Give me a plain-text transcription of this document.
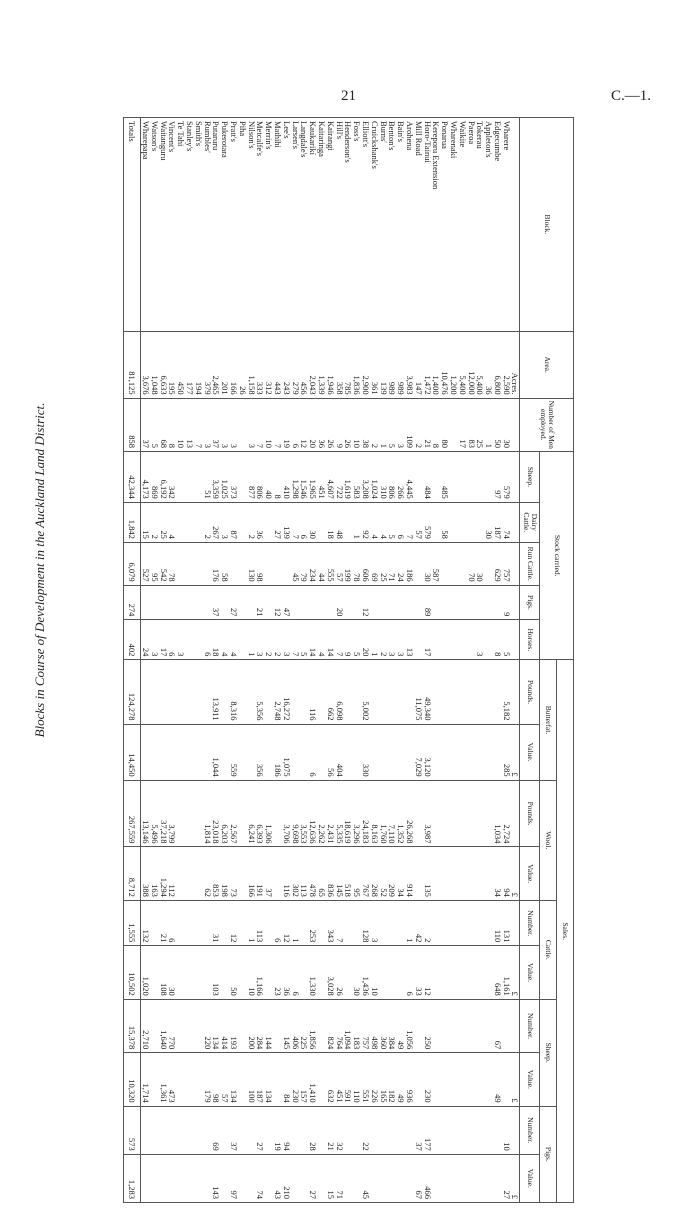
21	C.—1.
Blocks in Course of Development in the Auckland Land District.
Block.	Area.	Number of Men employed.	Stock carried.					Sales.									
								Butterfat.		Wool.		Cattle.		Sheep.		Pigs.	
			Sheep.	Dairy Cattle.	Run Cattle.	Pigs.	Horses.	Pounds.	Value.	Pounds.	Value.	Number.	Value.	Number.	Value.	Number.	Value.
	Acres.								£		£		£		£		£
Wharere	2,590	30	579	74	757	9	5	5,182	285	2,724	94	131	1,161			10	27
Edgecumbe	6,800	50	97	187	629		8			1,034	34	110	648	67	49		
Appleton's	36	1		30													
Tokerau	5,400	25			30		3										
Paeroa	12,000	83			70												
Waikite	5,400	17															
Wharenaki	1,200																
Ponarua	10,476	80	485	58													
Kereporu Extension	1,400	8			587												
Horo-Tainui	1,472	21	484	579	30	89	17	49,340	3,120	3,987	135	2	12	250	230	177	466
Mill Road	147	2		57				11,075	7,029			42	33			37	67
Arohena	3,983	109	4,445	7	186		13			26,268	914	1	6	1,056	936		
Bain's	989	3	266	6	24		3			1,352	34			49	49		
Benton's	989	5	806	5	71		3			7,110	209			384	182		
Burns'	139	1	310	4	25		2			1,760	52			360	165		
Cruickshank's	361	2	1,024	4	69		1			8,163	268	3	10	498	226		
Elliott's	2,900	38	3,208	92	606	12	20	5,002	330	24,183	767	128	1,436	757	551	22	45
Foss's	1,836	10	583	1	78		5			3,296	95		30	183	110		
Henderson's	785	26	1,619		199		9			18,619	518			1,094	591		
Hill's	358	9	722	48	57	20	7	6,098	404	5,335	145	7	26	764	451	32	71
Kairangi	1,946	26	4,607	18	555		14	662	56	2,431	836	343	3,028	824	632	21	15
Kaitaringa	1,339	36	451		44		4			2,262	65						
Kaukarikí	2,043	20	1,965	30	234		14	116	6	12,636	478	253	1,330	1,856	1,410	28	27
Langdale's	456	12	1,546	6	79		5			3,553	113			225	157		
Larsen's	279	6	1,298	7	45		7			9,698	302	1	6	406	230		
Lee's	243	19	410	139		47	3	16,272	1,075	3,706	116	12	36	145	84	94	210
Mathihi	443	7	8	27		12	2	2,748	186			6	23			19	43
Merrin's	312	10	40				2			1,306	37			144	134		
Metcalfe's	333	7	806	36	98	21	3	5,356	356	6,393	191	113	1,166	284	187	27	74
Nilson's	1,158	3	877	2	130		1			6,241	166	1	10	200	100		
Piha	26																
Pratt's	166	3	373	87		27	4	8,316	559	2,567	73	12	50	193	134	37	97
Pukerotara	201	3	1,025	3	58		4			6,203	198			414	57		
Putaruru	2,465	37	3,359	267	176	37	18	13,911	1,044	23,018	853	31	103	134	98	69	143
Rumbles'	379	3	51	2			6			1,814	62			220	179		
Smith's	194	7															
Stanley's	177	13															
Te Tahi	450	10					3										
Vincent's	195	8	342	4	78		6			3,799	112	6	30	770	473		
Waitanguru	6,633	68	6,192	25	542		17			37,218	1,294	21	108	1,640	1,361		
Watson's	1,048	5	869	2	95		3			5,496	163						
Wharepapa	3,676	37	4,173	15	527		24			13,146	388	132	1,020	2,710	1,714		
Totals	81,125	858	42,344	1,842	6,079	274	402	124,278	14,450	267,559	8,712	1,555	10,502	15,378	10,320	573	1,283
